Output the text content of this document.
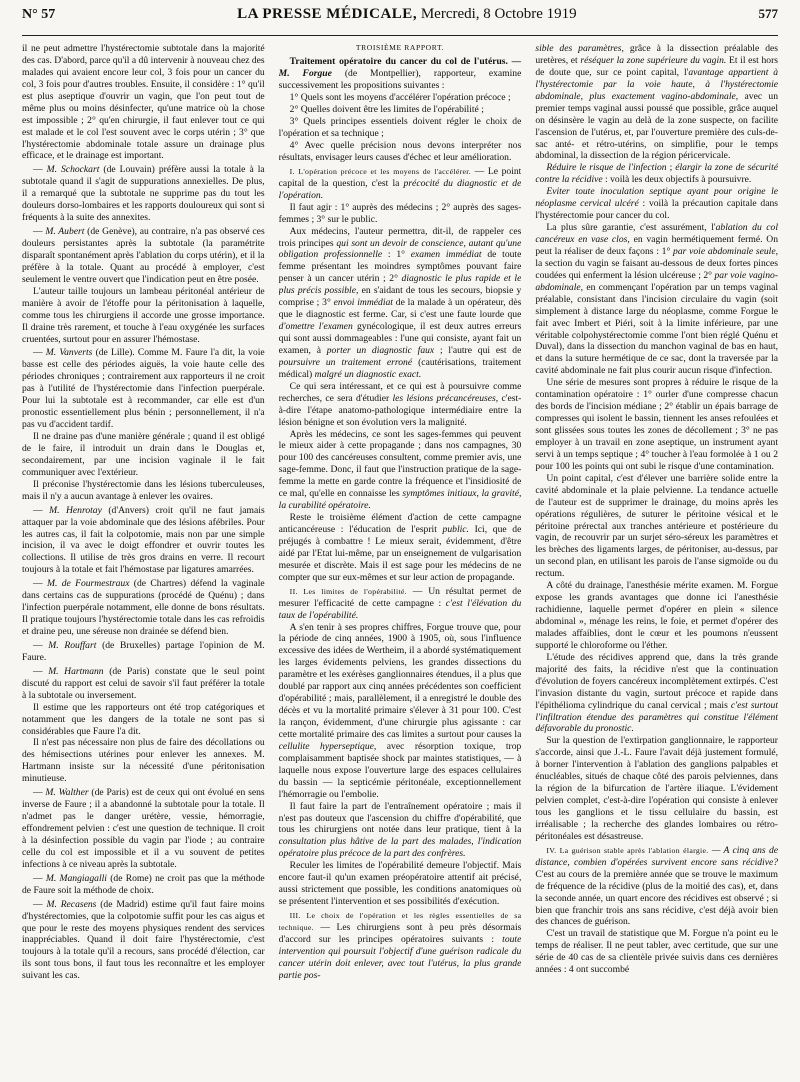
N° 57	LA PRESSE MÉDICALE, Mercredi, 8 Octobre 1919	577

il ne peut admettre l'hystérectomie subtotale dans la majorité des cas. D'abord, parce qu'il a dû intervenir à nouveau chez des malades qui avaient encore leur col, 3 fois pour un cancer du col, 3 fois pour d'autres troubles. Ensuite, il considère : 1° qu'il est plus aseptique d'ouvrir un vagin, que l'on peut tout de même plus ou moins désinfecter, qu'une matrice où la chose est impossible ; 2° qu'en chirurgie, il faut enlever tout ce qui est malade et le col l'est souvent avec le corps utérin ; 3° que l'hystérectomie abdominale totale assure un drainage plus efficace, et le drainage est important.

— M. Schockart (de Louvain) préfère aussi la totale à la subtotale quand il s'agit de suppurations annexielles. De plus, il a remarqué que la subtotale ne supprime pas du tout les douleurs dorso-lombaires et les rapports douloureux qui sont si fréquents à la suite des annexites.

— M. Aubert (de Genève), au contraire, n'a pas observé ces douleurs persistantes après la subtotale (la paramétrite disparaît spontanément après l'ablation du corps utérin), et il la préfère à la totale. Quant au procédé à employer, c'est seulement le ventre ouvert que l'indication peut en être posée.

L'auteur taille toujours un lambeau péritonéal antérieur de manière à avoir de l'étoffe pour la péritonisation à laquelle, comme tous les chirurgiens il accorde une grosse importance. Il draine très rarement, et touche à l'eau oxygénée les surfaces cruentées, surtout pour en assurer l'hémostase.

— M. Vanverts (de Lille). Comme M. Faure l'a dit, la voie basse est celle des périodes aiguës, la voie haute celle des périodes chroniques ; contrairement aux rapporteurs il ne croit pas à l'utilité de l'hystérectomie dans l'infection puerpérale. Pour lui la subtotale est à recommander, car elle est d'un pronostic essentiellement plus bénin ; personnellement, il n'a pas vu d'accident tardif.

Il ne draine pas d'une manière générale ; quand il est obligé de le faire, il introduit un drain dans le Douglas et, secondairement, par une incision vaginale il le fait communiquer avec l'extérieur.

Il préconise l'hystérectomie dans les lésions tuberculeuses, mais il n'y a aucun avantage à enlever les ovaires.

— M. Henrotay (d'Anvers) croit qu'il ne faut jamais attaquer par la voie abdominale que des lésions afébriles. Pour les autres cas, il fait la colpotomie, mais non par une simple incision, il va avec le doigt effondrer et ouvrir toutes les collections. Il utilise de très gros drains en verre. Il recourt toujours à la totale et fait l'hémostase par ligatures amarrées.

— M. de Fourmestraux (de Chartres) défend la vaginale dans certains cas de suppurations (procédé de Quénu) ; dans l'infection puerpérale notamment, elle donne de bons résultats. Il pratique toujours l'hystérectomie totale dans les cas refroidis et draine peu, une séreuse non drainée se défend bien.

— M. Rouffart (de Bruxelles) partage l'opinion de M. Faure.

— M. Hartmann (de Paris) constate que le seul point discuté du rapport est celui de savoir s'il faut préférer la totale à la subtotale ou inversement.

Il estime que les rapporteurs ont été trop catégoriques et notamment que les dangers de la totale ne sont pas si considérables que Faure l'a dit.

Il n'est pas nécessaire non plus de faire des décollations ou des hémisections utérines pour enlever les annexes. M. Hartmann insiste sur la nécessité d'une péritonisation minutieuse.

— M. Walther (de Paris) est de ceux qui ont évolué en sens inverse de Faure ; il a abandonné la subtotale pour la totale. Il n'admet pas le danger urétère, vessie, hémorragie, effondrement pelvien : c'est une question de technique. Il croit à la désinfection possible du vagin par l'iode ; au contraire celle du col est impossible et il a vu souvent de petites infections à ce niveau après la subtotale.

— M. Mangiagalli (de Rome) ne croit pas que la méthode de Faure soit la méthode de choix.

— M. Recasens (de Madrid) estime qu'il faut faire moins d'hystérectomies, que la colpotomie suffit pour les cas aigus et que pour le reste des moyens physiques rendent des services inappréciables. Quand il doit faire l'hystérectomie, c'est toujours à la totale qu'il a recours, sans procédé d'élection, car ils sont tous bons, il faut tous les reconnaître et les employer suivant les cas.

TROISIÈME RAPPORT.

Traitement opératoire du cancer du col de l'utérus. — M. Forgue (de Montpellier), rapporteur, examine successivement les propositions suivantes :

1° Quels sont les moyens d'accélérer l'opération précoce ;

2° Quelles doivent être les limites de l'opérabilité ;

3° Quels principes essentiels doivent régler le choix de l'opération et sa technique ;

4° Avec quelle précision nous devons interpréter nos résultats, envisager leurs causes d'échec et leur amélioration.

I. L'opération précoce et les moyens de l'accélérer. — Le point capital de la question, c'est la précocité du diagnostic et de l'opération.

Il faut agir : 1° auprès des médecins ; 2° auprès des sages-femmes ; 3° sur le public.

Aux médecins, l'auteur permettra, dit-il, de rappeler ces trois principes qui sont un devoir de conscience, autant qu'une obligation professionnelle : 1° examen immédiat de toute femme présentant les moindres symptômes pouvant faire penser à un cancer utérin ; 2° diagnostic le plus rapide et le plus précis possible, en s'aidant de tous les secours, biopsie y comprise ; 3° envoi immédiat de la malade à un opérateur, dès que le diagnostic est ferme. Car, si c'est une faute lourde que d'omettre l'examen gynécologique, il est deux autres erreurs qui sont aussi dommageables : l'une qui consiste, ayant fait un examen, à porter un diagnostic faux ; l'autre qui est de poursuivre un traitement erroné (cautérisations, traitement médical) malgré un diagnostic exact.

Ce qui sera intéressant, et ce qui est à poursuivre comme recherches, ce sera d'étudier les lésions précancéreuses, c'est-à-dire l'étape anatomo-pathologique intermédiaire entre la lésion bénigne et son évolution vers la malignité.

Après les médecins, ce sont les sages-femmes qui peuvent le mieux aider à cette propagande ; dans nos campagnes, 30 pour 100 des cancéreuses consultent, comme premier avis, une sage-femme. Donc, il faut que l'instruction pratique de la sage-femme la mette en garde contre la fréquence et l'insidiosité de ce mal, qu'elle en connaisse les symptômes initiaux, la gravité, la curabilité opératoire.

Reste le troisième élément d'action de cette campagne anticancéreuse : l'éducation de l'esprit public. Ici, que de préjugés à combattre ! Le mieux serait, évidemment, d'être aidé par l'Etat lui-même, par un enseignement de vulgarisation mesurée et discrète. Mais il est sage pour les médecins de ne compter que sur eux-mêmes et sur leur action de propagande.

II. Les limites de l'opérabilité. — Un résultat permet de mesurer l'efficacité de cette campagne : c'est l'élévation du taux de l'opérabilité.

A s'en tenir à ses propres chiffres, Forgue trouve que, pour la période de cinq années, 1900 à 1905, où, sous l'influence excessive des idées de Wertheim, il a abordé systématiquement les larges évidements pelviens, les grandes dissections du paramètre et les exérèses ganglionnaires étendues, il a plus que doublé par rapport aux cinq années précédentes son coefficient d'opérabilité ; mais, parallèlement, il a enregistré le double des décès et vu la mortalité primaire s'élever à 31 pour 100. C'est la rançon, évidemment, d'une chirurgie plus agissante : car cette mortalité primaire des cas limites a surtout pour causes la cellulite hyperseptique, avec résorption toxique, trop complaisamment baptisée shock par maintes statistiques, — à laquelle nous expose l'ouverture large des espaces cellulaires du bassin — la septicémie péritonéale, exceptionnellement l'hémorragie ou l'embolie.

Il faut faire la part de l'entraînement opératoire ; mais il n'est pas douteux que l'ascension du chiffre d'opérabilité, que tous les chirurgiens ont notée dans leur pratique, tient à la consultation plus hâtive de la part des malades, l'indication opératoire plus précoce de la part des confrères.

Reculer les limites de l'opérabilité demeure l'objectif. Mais encore faut-il qu'un examen préopératoire attentif ait précisé, aussi strictement que possible, les conditions anatomiques où se présentent l'intervention et ses possibilités d'exécution.

III. Le choix de l'opération et les règles essentielles de sa technique. — Les chirurgiens sont à peu près désormais d'accord sur les principes opératoires suivants : toute intervention qui poursuit l'objectif d'une guérison radicale du cancer utérin doit enlever, avec tout l'utérus, la plus grande partie pos-

sible des paramètres, grâce à la dissection préalable des uretères, et réséquer la zone supérieure du vagin. Et il est hors de doute que, sur ce point capital, l'avantage appartient à l'hystérectomie par la voie haute, à l'hystérectomie abdominale, plus exactement vagino-abdominale, avec un premier temps vaginal aussi poussé que possible, grâce auquel on désinsère le vagin au delà de la zone suspecte, on facilite l'ascension de l'utérus, et, par l'ouverture première des culs-de-sac anté- et rétro-utérins, on simplifie, pour le temps abdominal, la dissection de la région péricervicale.

Réduire le risque de l'infection ; élargir la zone de sécurité contre la récidive : voilà les deux objectifs à poursuivre.

Eviter toute inoculation septique ayant pour origine le néoplasme cervical ulcéré : voilà la précaution capitale dans l'hystérectomie pour cancer du col.

La plus sûre garantie, c'est assurément, l'ablation du col cancéreux en vase clos, en vagin hermétiquement fermé. On peut la réaliser de deux façons : 1° par voie abdominale seule, la section du vagin se faisant au-dessous de deux fortes pinces coudées qui enferment la lésion ulcéreuse ; 2° par voie vagino-abdominale, en commençant l'opération par un temps vaginal préalable, consistant dans l'incision circulaire du vagin (soit simplement à distance large du néoplasme, comme Forgue le fait avec Imbert et Piéri, soit à la limite inférieure, par une véritable colpohystérectomie comme l'ont bien réglé Quénu et Duval), dans la dissection du manchon vaginal de bas en haut, et dans la suture hermétique de ce sac, dont la traversée par la cavité abdominale ne fait plus courir aucun risque d'infection.

Une série de mesures sont propres à réduire le risque de la contamination opératoire : 1° ourler d'une compresse chacun des bords de l'incision médiane ; 2° établir un épais barrage de compresses qui isolent le bassin, tiennent les anses refoulées et sont glissées sous toutes les zones de décollement ; 3° ne pas employer à un travail en zone aseptique, un instrument ayant servi à un temps septique ; 4° toucher à l'eau formolée à 1 ou 2 pour 100 les points qui ont subi le risque d'une contamination.

Un point capital, c'est d'élever une barrière solide entre la cavité abdominale et la plaie pelvienne. La tendance actuelle de l'auteur est de supprimer le drainage, du moins après les opérations régulières, de suturer le péritoine vésical et le péritoine prérectal aux tranches antérieure et postérieure du vagin, de recouvrir par un surjet séro-séreux les paramètres et les brèches des ligaments larges, de péritoniser, au-dessus, par un second plan, en utilisant les parois de l'anse sigmoïde ou du rectum.

A côté du drainage, l'anesthésie mérite examen. M. Forgue expose les grands avantages que donne ici l'anesthésie rachidienne, laquelle permet d'opérer en plein « silence abdominal », ménage les reins, le foie, et permet d'opérer des malades affaiblies, dont le cœur et les poumons n'eussent supporté le chloroforme ou l'éther.

L'étude des récidives apprend que, dans la très grande majorité des faits, la récidive n'est que la continuation d'évolution de foyers cancéreux incomplètement extirpés. C'est l'invasion distante du vagin, surtout précoce et rapide dans l'épithélioma cylindrique du canal cervical ; mais c'est surtout l'infiltration étendue des paramètres qui constitue l'élément défavorable du pronostic.

Sur la question de l'extirpation ganglionnaire, le rapporteur s'accorde, ainsi que J.-L. Faure l'avait déjà justement formulé, à borner l'intervention à l'ablation des ganglions palpables et énucléables, situés de chaque côté des parois pelviennes, dans la région de la bifurcation de l'artère iliaque. L'évidement pelvien complet, c'est-à-dire l'opération qui consiste à enlever tous les ganglions et le tissu cellulaire du bassin, est irréalisable ; la recherche des glandes lombaires ou rétro-péritonéales est désastreuse.

IV. La guérison stable après l'ablation élargie. — A cinq ans de distance, combien d'opérées survivent encore sans récidive? C'est au cours de la première année que se trouve le maximum de fréquence de la récidive (plus de la moitié des cas), et, dans la seconde année, un quart encore des récidives est observé ; si bien que franchir trois ans sans récidive, c'est déjà avoir bien des chances de guérison.

C'est un travail de statistique que M. Forgue n'a point eu le temps de réaliser. Il ne peut tabler, avec certitude, que sur une série de 40 cas de sa clientèle privée suivis dans ces dernières années : 4 ont succombé
